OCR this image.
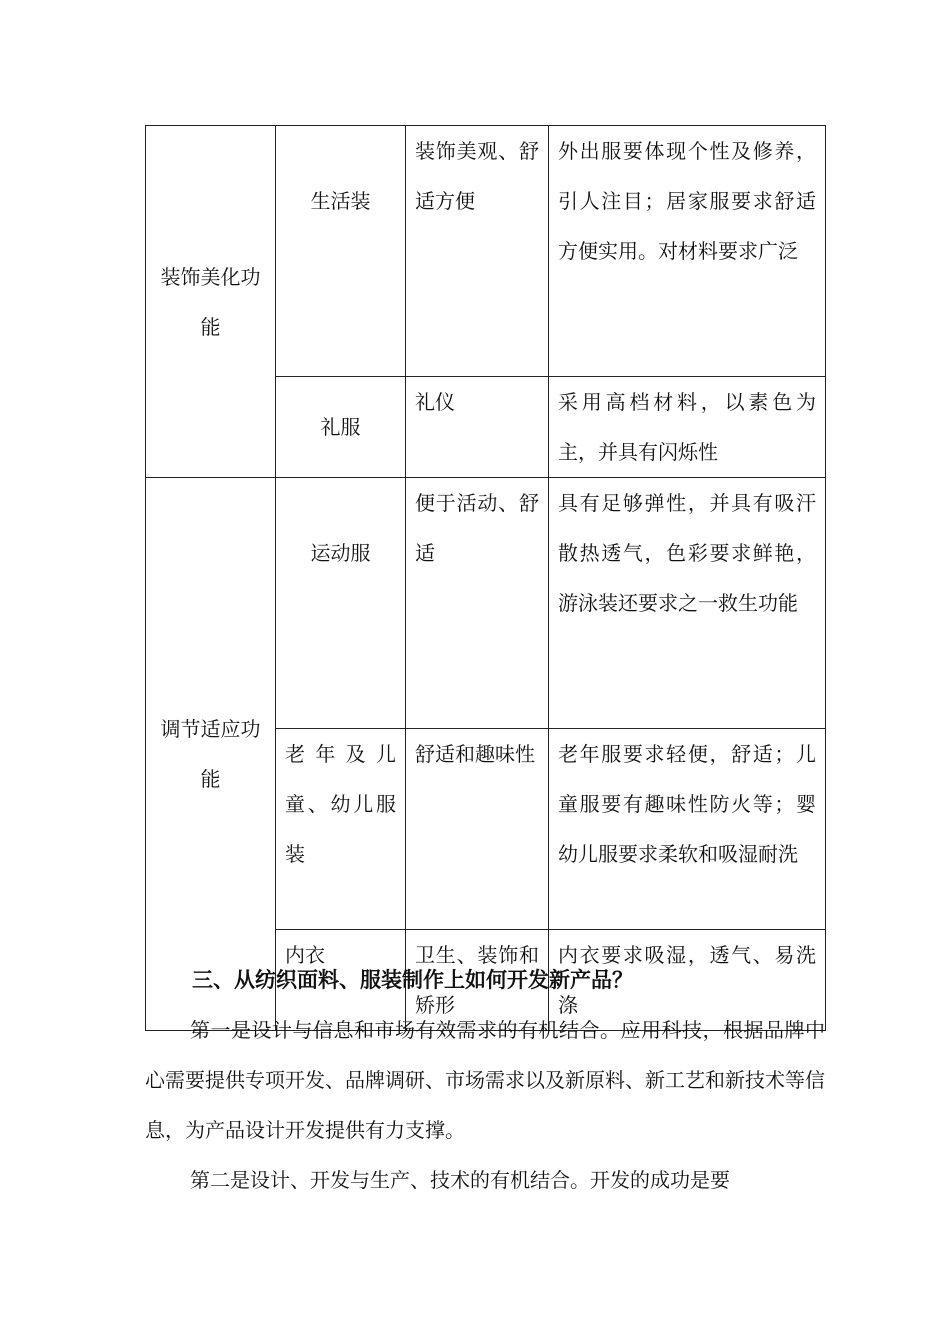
装饰美化功能	生活装	装饰美观、舒适方便	外出服要体现个性及修养，引人注目；居家服要求舒适方便实用。对材料要求广泛
	礼服	礼仪	采用高档材料，以素色为主，并具有闪烁性
调节适应功能	运动服	便于活动、舒适	具有足够弹性，并具有吸汗散热透气，色彩要求鲜艳，游泳装还要求之一救生功能
	老年及儿童、幼儿服装	舒适和趣味性	老年服要求轻便，舒适；儿童服要有趣味性防火等；婴幼儿服要求柔软和吸湿耐洗
	内衣	卫生、装饰和矫形	内衣要求吸湿，透气、易洗涤
三、从纺织面料、服装制作上如何开发新产品？

第一是设计与信息和市场有效需求的有机结合。应用科技，根据品牌中心需要提供专项开发、品牌调研、市场需求以及新原料、新工艺和新技术等信息，为产品设计开发提供有力支撑。

第二是设计、开发与生产、技术的有机结合。开发的成功是要
